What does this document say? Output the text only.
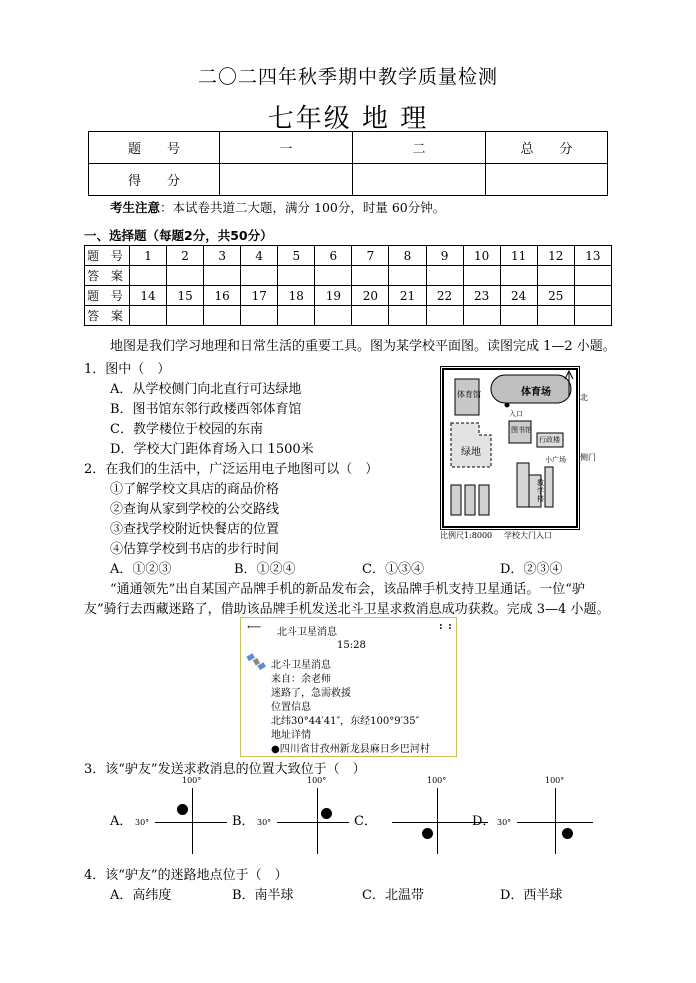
二〇二四年秋季期中教学质量检测
七年级 地 理
题　　号	一	二	总　　分
得　　分			
考生注意：本试卷共道二大题，满分 100分，时量 60分钟。
一、选择题（每题2分，共50分）
题 号	1	2	3	4	5	6	7	8	9	10	11	12	13
答 案													
题 号	14	15	16	17	18	19	20	21	22	23	24	25	
答 案													
地图是我们学习地理和日常生活的重要工具。图为某学校平面图。读图完成 1—2 小题。
1．图中（　）
A．从学校侧门向北直行可达绿地
B．图书馆东邻行政楼西邻体育馆
C．教学楼位于校园的东南
D．学校大门距体育场入口 1500米
2．在我们的生活中，广泛运用电子地图可以（　）
①了解学校文具店的商品价格
②查询从家到学校的公交路线
③查找学校附近快餐店的位置
④估算学校到书店的步行时间
A．①②③	B．①②④	C．①③④	D．②③④
体育馆	体育场
入口
图书馆
行政楼
绿地
小广场
教学楼
北
侧门
比例尺1:8000 学校大门入口
“通通领先”出自某国产品牌手机的新品发布会，该品牌手机支持卫星通话。一位“驴
友”骑行去西藏迷路了，借助该品牌手机发送北斗卫星求救消息成功获救。完成 3—4 小题。
⟵ 北斗卫星消息
: :
15:28
北斗卫星消息
来自：余老师
迷路了，急需救援
位置信息
北纬30°44′41″，东经100°9′35″
地址详情
●四川省甘孜州新龙县麻日乡巴河村
3．该“驴友”发送求救消息的位置大致位于（　）
A．
100°
30°	B．
100°
30°	C．
100°
D．
100°
30°
4．该“驴友”的迷路地点位于（　）
A．高纬度	B．南半球	C．北温带	D．西半球
